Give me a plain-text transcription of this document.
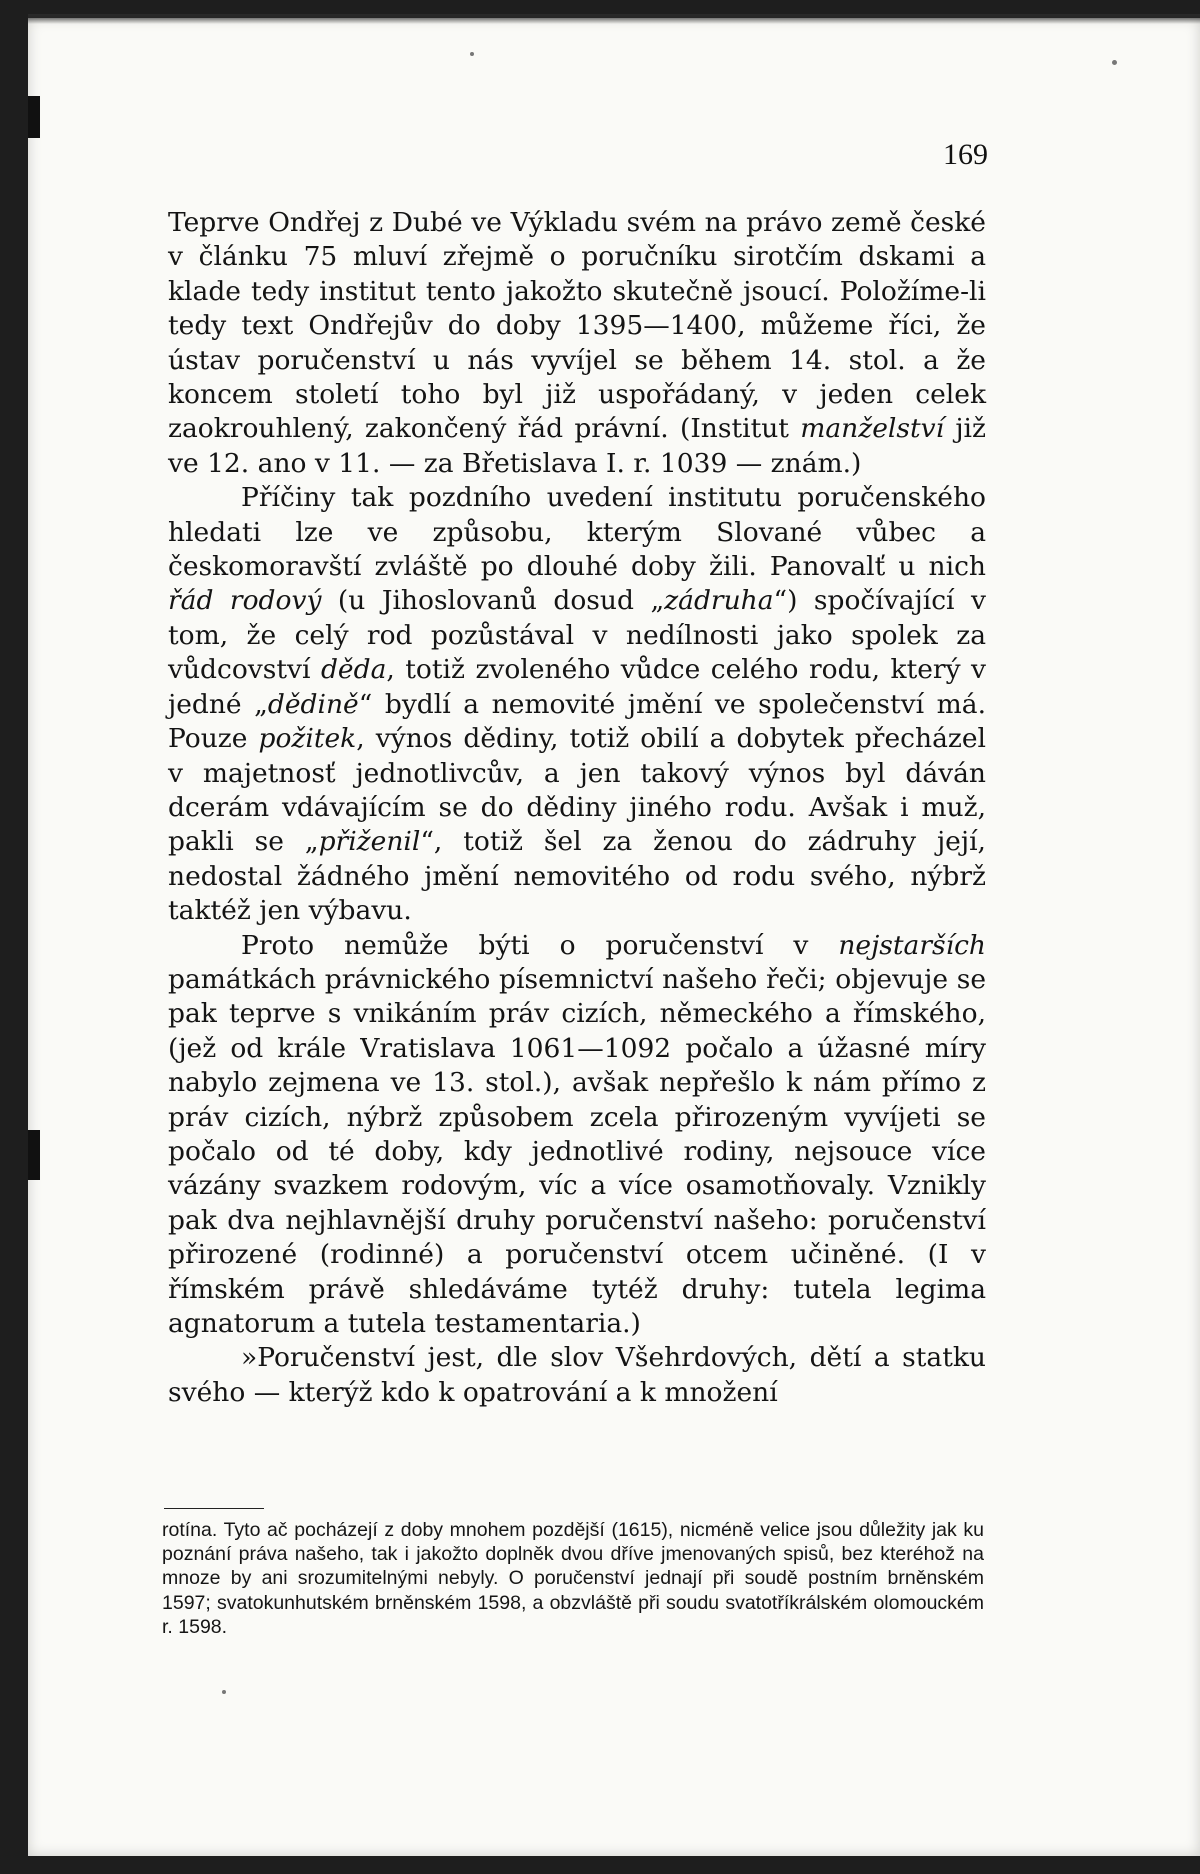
169

Teprve Ondřej z Dubé ve Výkladu svém na právo země české v článku 75 mluví zřejmě o poručníku sirotčím dskami a klade tedy institut tento jakožto skutečně jsoucí. Položíme-li tedy text Ondřejův do doby 1395—1400, můžeme říci, že ústav poručenství u nás vyvíjel se během 14. stol. a že koncem století toho byl již uspořádaný, v jeden celek zaokrouhlený, zakončený řád právní. (Institut manželství již ve 12. ano v 11. — za Břetislava I. r. 1039 — znám.)

Příčiny tak pozdního uvedení institutu poručenského hledati lze ve způsobu, kterým Slované vůbec a českomoravští zvláště po dlouhé doby žili. Panovalť u nich řád rodový (u Jihoslovanů dosud „zádruha“) spočívající v tom, že celý rod pozůstával v nedílnosti jako spolek za vůdcovství děda, totiž zvoleného vůdce celého rodu, který v jedné „dědině“ bydlí a nemovité jmění ve společenství má. Pouze požitek, výnos dědiny, totiž obilí a dobytek přecházel v majetnosť jednotlivcův, a jen takový výnos byl dáván dcerám vdávajícím se do dědiny jiného rodu. Avšak i muž, pakli se „přiženil“, totiž šel za ženou do zádruhy její, nedostal žádného jmění nemovitého od rodu svého, nýbrž taktéž jen výbavu.

Proto nemůže býti o poručenství v nejstarších památkách právnického písemnictví našeho řeči; objevuje se pak teprve s vnikáním práv cizích, německého a římského, (jež od krále Vratislava 1061—1092 počalo a úžasné míry nabylo zejmena ve 13. stol.), avšak nepřešlo k nám přímo z práv cizích, nýbrž způsobem zcela přirozeným vyvíjeti se počalo od té doby, kdy jednotlivé rodiny, nejsouce více vázány svazkem rodovým, víc a více osamotňovaly. Vznikly pak dva nejhlavnější druhy poručenství našeho: poručenství přirozené (rodinné) a poručenství otcem učiněné. (I v římském právě shledáváme tytéž druhy: tutela legima agnatorum a tutela testamentaria.)

»Poručenství jest, dle slov Všehrdových, dětí a statku svého — kterýž kdo k opatrování a k množení

rotína. Tyto ač pocházejí z doby mnohem pozdější (1615), nicméně velice jsou důležity jak ku poznání práva našeho, tak i jakožto doplněk dvou dříve jmenovaných spisů, bez kteréhož na mnoze by ani srozumitelnými nebyly. O poručenství jednají při soudě postním brněnském 1597; svatokunhutském brněnském 1598, a obzvláště při soudu svatotříkrálském olomouckém r. 1598.
